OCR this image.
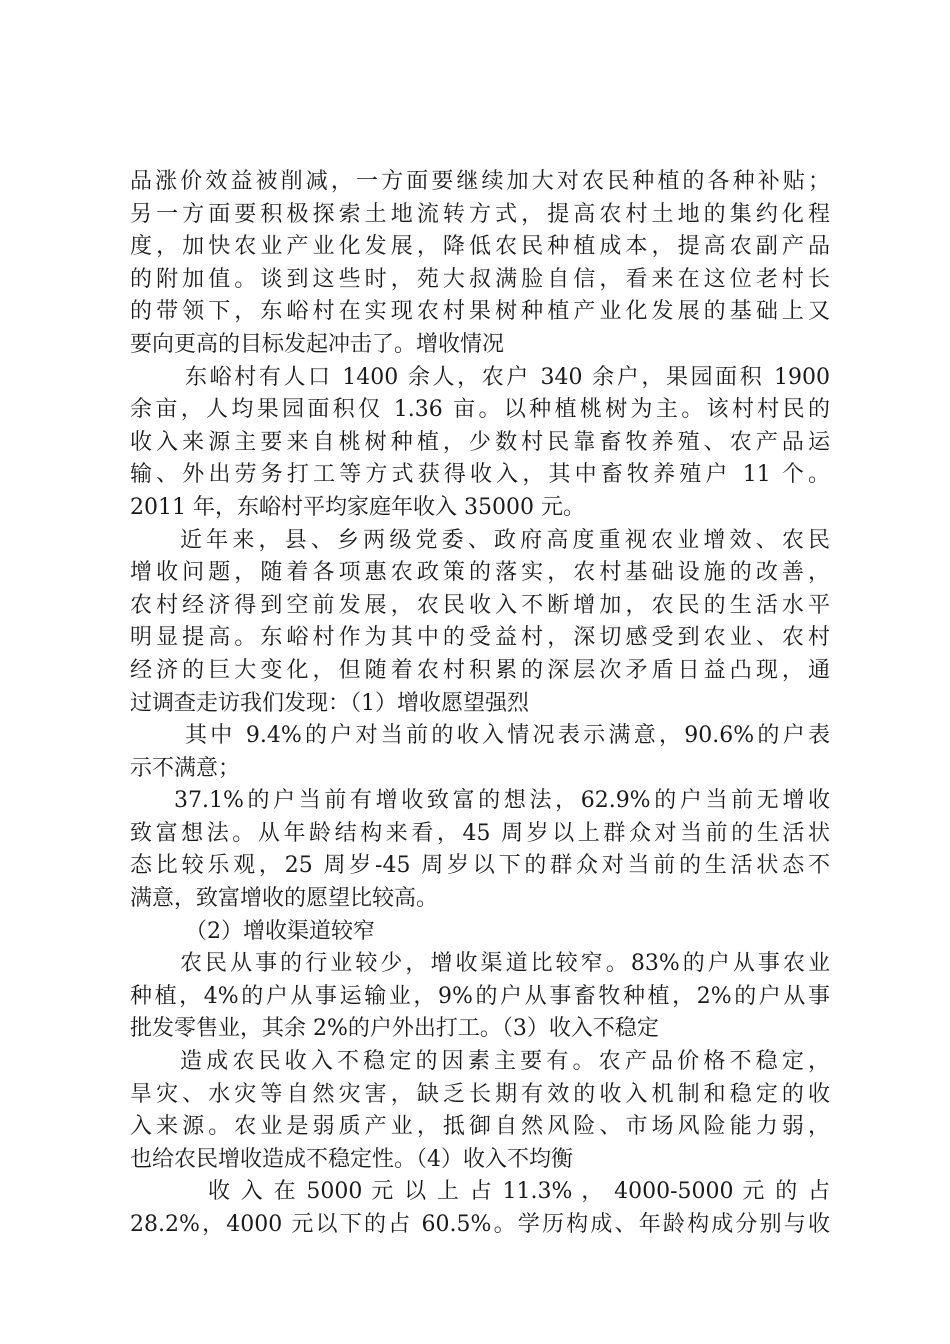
品涨价效益被削减，一方面要继续加大对农民种植的各种补贴；
另一方面要积极探索土地流转方式，提高农村土地的集约化程
度，加快农业产业化发展，降低农民种植成本，提高农副产品
的附加值。谈到这些时，苑大叔满脸自信，看来在这位老村长
的带领下，东峪村在实现农村果树种植产业化发展的基础上又
要向更高的目标发起冲击了。增收情况
东峪村有人口 1400 余人，农户 340 余户，果园面积 1900
余亩，人均果园面积仅 1.36 亩。以种植桃树为主。该村村民的
收入来源主要来自桃树种植，少数村民靠畜牧养殖、农产品运
输、外出劳务打工等方式获得收入，其中畜牧养殖户 11 个。
2011 年，东峪村平均家庭年收入 35000 元。
近年来，县、乡两级党委、政府高度重视农业增效、农民
增收问题，随着各项惠农政策的落实，农村基础设施的改善，
农村经济得到空前发展，农民收入不断增加，农民的生活水平
明显提高。东峪村作为其中的受益村，深切感受到农业、农村
经济的巨大变化，但随着农村积累的深层次矛盾日益凸现，通
过调查走访我们发现：（1）增收愿望强烈
其中 9.4%的户对当前的收入情况表示满意，90.6%的户表
示不满意；
37.1%的户当前有增收致富的想法，62.9%的户当前无增收
致富想法。从年龄结构来看，45 周岁以上群众对当前的生活状
态比较乐观，25 周岁-45 周岁以下的群众对当前的生活状态不
满意，致富增收的愿望比较高。
（2）增收渠道较窄
农民从事的行业较少，增收渠道比较窄。83%的户从事农业
种植，4%的户从事运输业，9%的户从事畜牧种植，2%的户从事
批发零售业，其余 2%的户外出打工。（3）收入不稳定
造成农民收入不稳定的因素主要有。农产品价格不稳定，
旱灾、水灾等自然灾害，缺乏长期有效的收入机制和稳定的收
入来源。农业是弱质产业，抵御自然风险、市场风险能力弱，
也给农民增收造成不稳定性。（4）收入不均衡
收 入 在 5000 元 以 上 占 11.3% ， 4000-5000 元 的 占
28.2%，4000 元以下的占 60.5%。学历构成、年龄构成分别与收
